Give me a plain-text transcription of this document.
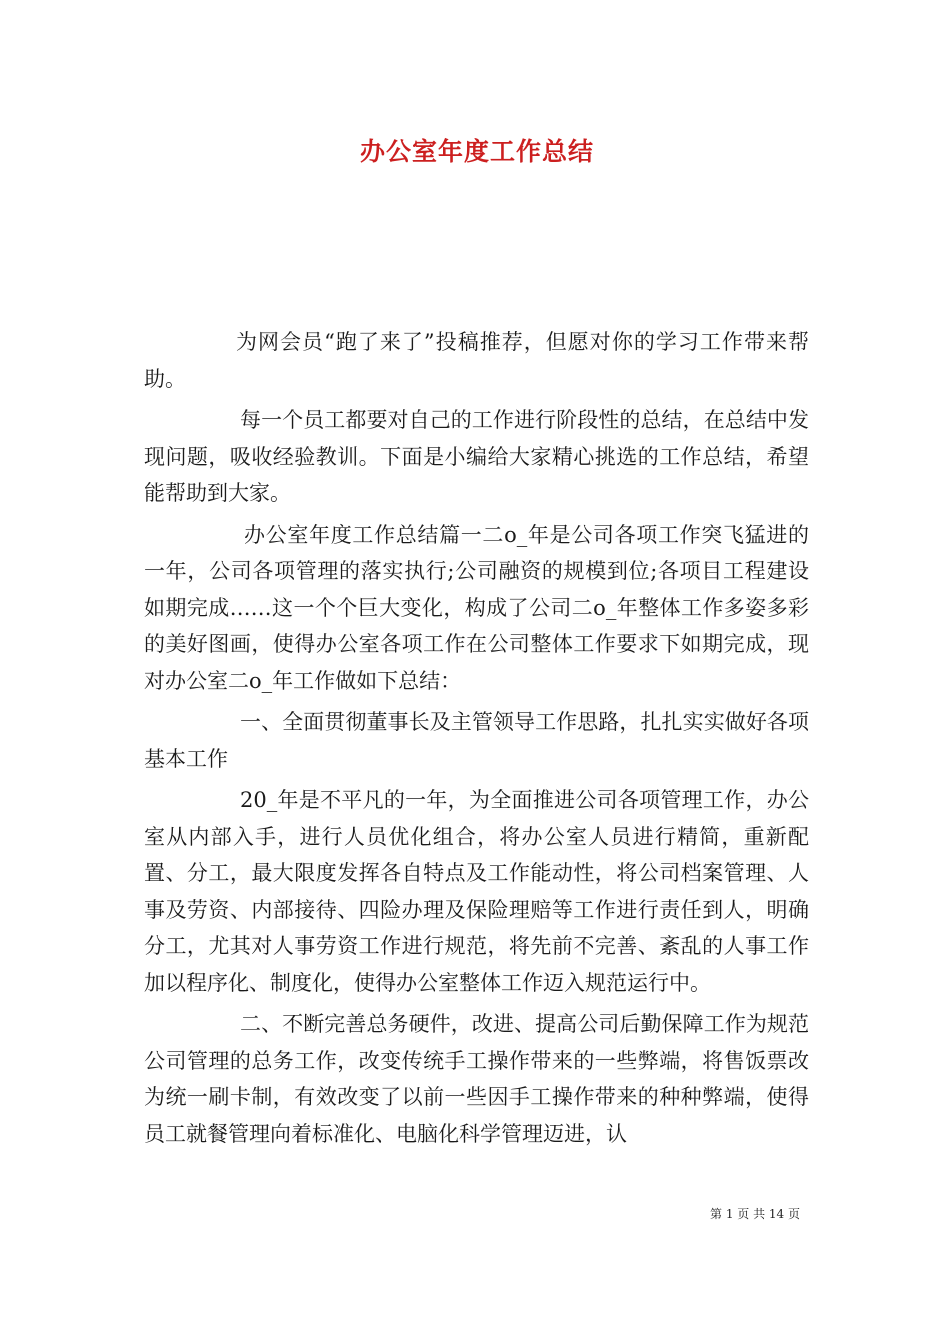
办公室年度工作总结

为网会员“跑了来了”投稿推荐，但愿对你的学习工作带来帮助。

每一个员工都要对自己的工作进行阶段性的总结，在总结中发现问题，吸收经验教训。下面是小编给大家精心挑选的工作总结，希望能帮助到大家。

办公室年度工作总结篇一二o_年是公司各项工作突飞猛进的一年，公司各项管理的落实执行;公司融资的规模到位;各项目工程建设如期完成……这一个个巨大变化，构成了公司二o_年整体工作多姿多彩的美好图画，使得办公室各项工作在公司整体工作要求下如期完成，现对办公室二o_年工作做如下总结：

一、全面贯彻董事长及主管领导工作思路，扎扎实实做好各项基本工作

20_年是不平凡的一年，为全面推进公司各项管理工作，办公室从内部入手，进行人员优化组合，将办公室人员进行精简，重新配置、分工，最大限度发挥各自特点及工作能动性，将公司档案管理、人事及劳资、内部接待、四险办理及保险理赔等工作进行责任到人，明确分工，尤其对人事劳资工作进行规范，将先前不完善、紊乱的人事工作加以程序化、制度化，使得办公室整体工作迈入规范运行中。

二、不断完善总务硬件，改进、提高公司后勤保障工作为规范公司管理的总务工作，改变传统手工操作带来的一些弊端，将售饭票改为统一刷卡制，有效改变了以前一些因手工操作带来的种种弊端，使得员工就餐管理向着标准化、电脑化科学管理迈进，认

第 1 页 共 14 页
